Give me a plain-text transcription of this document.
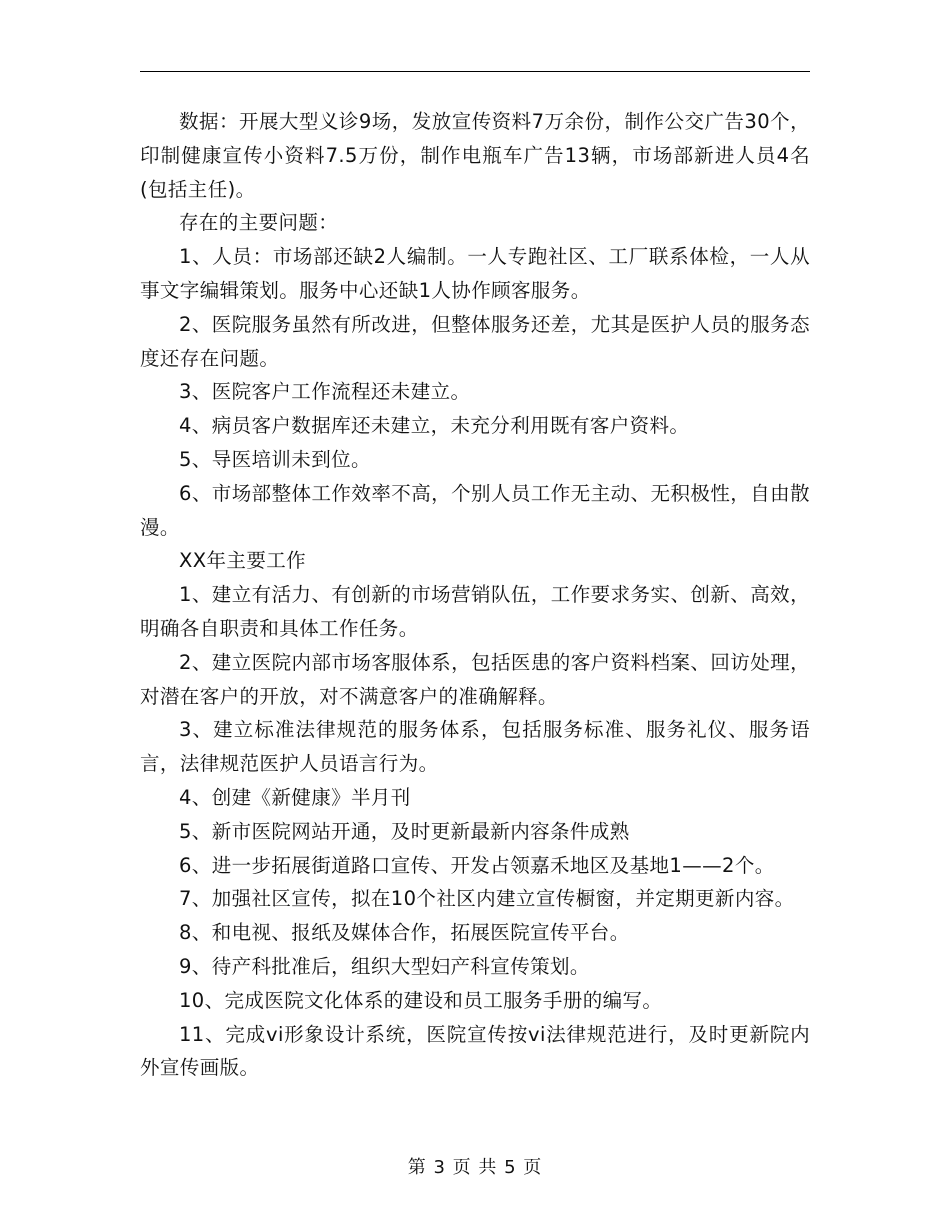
数据：开展大型义诊9场，发放宣传资料7万余份，制作公交广告30个，印制健康宣传小资料7.5万份，制作电瓶车广告13辆，市场部新进人员4名(包括主任)。

存在的主要问题：

1、人员：市场部还缺2人编制。一人专跑社区、工厂联系体检，一人从事文字编辑策划。服务中心还缺1人协作顾客服务。

2、医院服务虽然有所改进，但整体服务还差，尤其是医护人员的服务态度还存在问题。

3、医院客户工作流程还未建立。

4、病员客户数据库还未建立，未充分利用既有客户资料。

5、导医培训未到位。

6、市场部整体工作效率不高，个别人员工作无主动、无积极性，自由散漫。

XX年主要工作

1、建立有活力、有创新的市场营销队伍，工作要求务实、创新、高效，明确各自职责和具体工作任务。

2、建立医院内部市场客服体系，包括医患的客户资料档案、回访处理，对潜在客户的开放，对不满意客户的准确解释。

3、建立标准法律规范的服务体系，包括服务标准、服务礼仪、服务语言，法律规范医护人员语言行为。

4、创建《新健康》半月刊

5、新市医院网站开通，及时更新最新内容条件成熟

6、进一步拓展街道路口宣传、开发占领嘉禾地区及基地1——2个。

7、加强社区宣传，拟在10个社区内建立宣传橱窗，并定期更新内容。

8、和电视、报纸及媒体合作，拓展医院宣传平台。

9、待产科批准后，组织大型妇产科宣传策划。

10、完成医院文化体系的建设和员工服务手册的编写。

11、完成vi形象设计系统，医院宣传按vi法律规范进行，及时更新院内外宣传画版。

第 3 页 共 5 页
